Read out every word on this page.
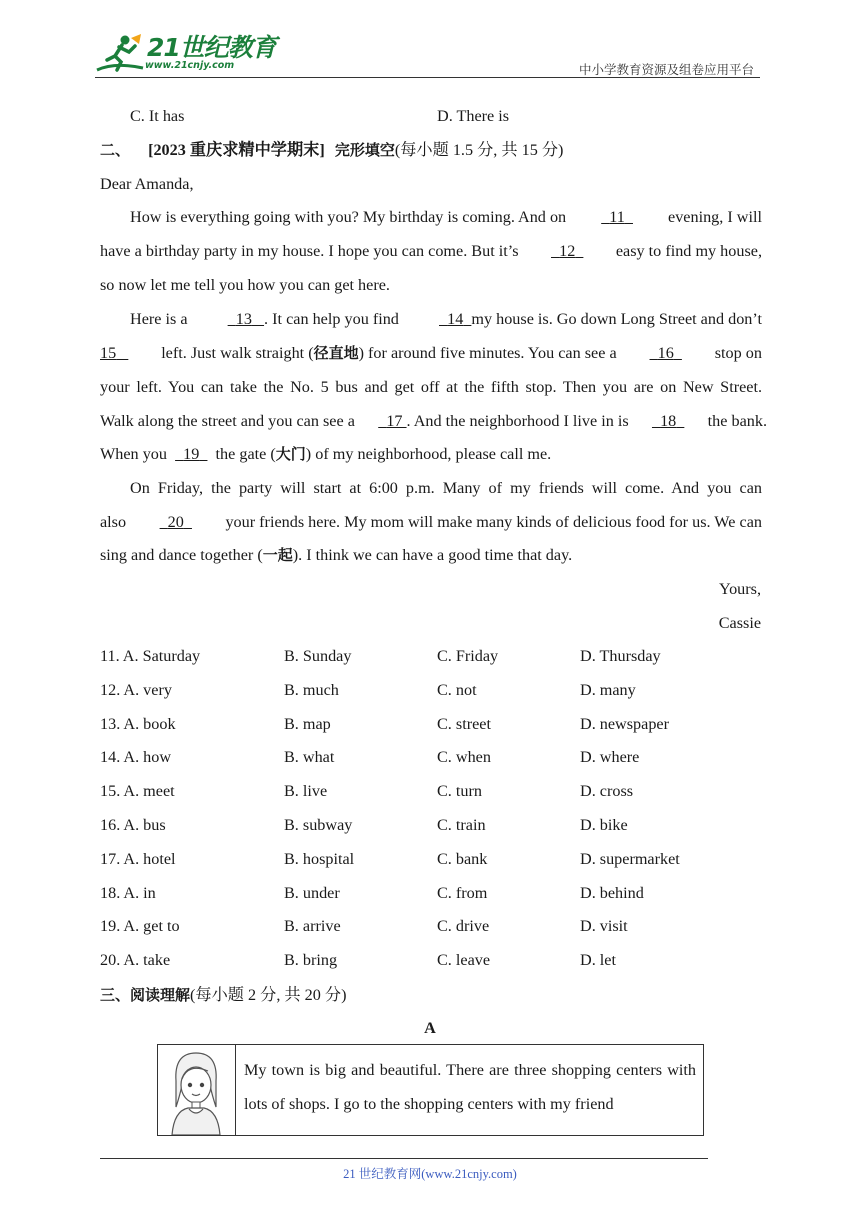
21世纪教育
www.21cnjy.com	中小学教育资源及组卷应用平台
C. It has	D. There is
二、 [2023 重庆求精中学期末] 完形填空(每小题 1.5 分, 共 15 分)
Dear Amanda,
How is everything going with you? My birthday is coming. And on	11	evening, I will
have a birthday party in my house. I hope you can come. But it’s	12	easy to find my house,
so now let me tell you how you can get here.
Here is a	13 . It can help you find	14 my house is. Go down Long Street and don’t
15	left. Just walk straight (径直地) for around five minutes. You can see a	16	stop on
your left. You can take the No. 5 bus and get off at the fifth stop. Then you are on New Street.
Walk along the street and you can see a	17 . And the neighborhood I live in is	18	the bank.
When you 19 the gate (大门) of my neighborhood, please call me.
On Friday, the party will start at 6:00 p.m. Many of my friends will come. And you can
also	20	your friends here. My mom will make many kinds of delicious food for us. We can
sing and dance together (一起). I think we can have a good time that day.
Yours,
Cassie
11. A. Saturday	B. Sunday	C. Friday	D. Thursday
12. A. very	B. much	C. not	D. many
13. A. book	B. map	C. street	D. newspaper
14. A. how	B. what	C. when	D. where
15. A. meet	B. live	C. turn	D. cross
16. A. bus	B. subway	C. train	D. bike
17. A. hotel	B. hospital	C. bank	D. supermarket
18. A. in	B. under	C. from	D. behind
19. A. get to	B. arrive	C. drive	D. visit
20. A. take	B. bring	C. leave	D. let
三、阅读理解(每小题 2 分, 共 20 分)
A
My town is big and beautiful. There are three shopping centers with lots of shops. I go to the shopping centers with my friend
21 世纪教育网(www.21cnjy.com)
